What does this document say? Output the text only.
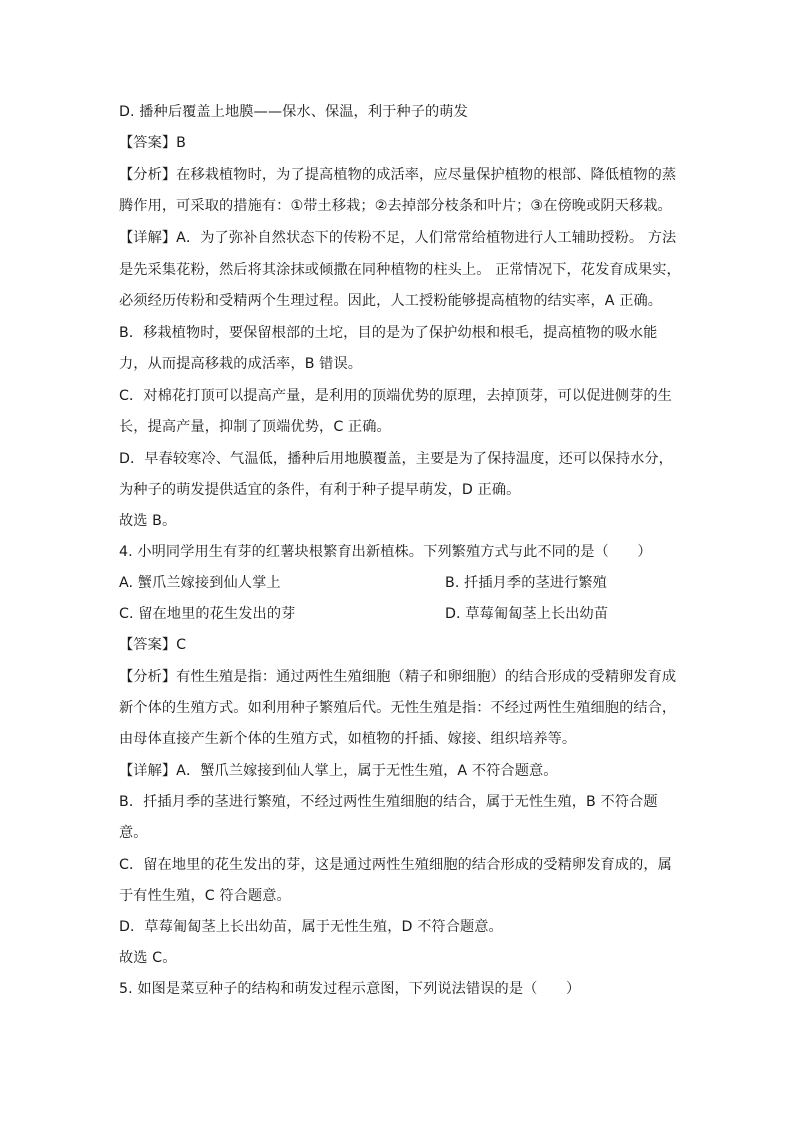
D. 播种后覆盖上地膜——保水、保温，利于种子的萌发
【答案】B
【分析】在移栽植物时，为了提高植物的成活率，应尽量保护植物的根部、降低植物的蒸
腾作用，可采取的措施有：①带土移栽；②去掉部分枝条和叶片；③在傍晚或阴天移栽。
【详解】A．为了弥补自然状态下的传粉不足，人们常常给植物进行人工辅助授粉。 方法
是先采集花粉，然后将其涂抹或倾撒在同种植物的柱头上。 正常情况下，花发育成果实，
必须经历传粉和受精两个生理过程。因此，人工授粉能够提高植物的结实率，A 正确。
B．移栽植物时，要保留根部的土坨，目的是为了保护幼根和根毛，提高植物的吸水能
力，从而提高移栽的成活率，B 错误。
C．对棉花打顶可以提高产量，是利用的顶端优势的原理，去掉顶芽，可以促进侧芽的生
长，提高产量，抑制了顶端优势，C 正确。
D．早春较寒冷、气温低，播种后用地膜覆盖，主要是为了保持温度，还可以保持水分，
为种子的萌发提供适宜的条件，有利于种子提早萌发，D 正确。
故选 B。
4. 小明同学用生有芽的红薯块根繁育出新植株。下列繁殖方式与此不同的是（　　）
A. 蟹爪兰嫁接到仙人掌上	B. 扦插月季的茎进行繁殖
C. 留在地里的花生发出的芽	D. 草莓匍匐茎上长出幼苗
【答案】C
【分析】有性生殖是指：通过两性生殖细胞（精子和卵细胞）的结合形成的受精卵发育成
新个体的生殖方式。如利用种子繁殖后代。无性生殖是指：不经过两性生殖细胞的结合，
由母体直接产生新个体的生殖方式，如植物的扦插、嫁接、组织培养等。
【详解】A．蟹爪兰嫁接到仙人掌上，属于无性生殖，A 不符合题意。
B．扦插月季的茎进行繁殖，不经过两性生殖细胞的结合，属于无性生殖，B 不符合题
意。
C．留在地里的花生发出的芽，这是通过两性生殖细胞的结合形成的受精卵发育成的，属
于有性生殖，C 符合题意。
D．草莓匍匐茎上长出幼苗，属于无性生殖，D 不符合题意。
故选 C。
5. 如图是菜豆种子的结构和萌发过程示意图，下列说法错误的是（　　）
